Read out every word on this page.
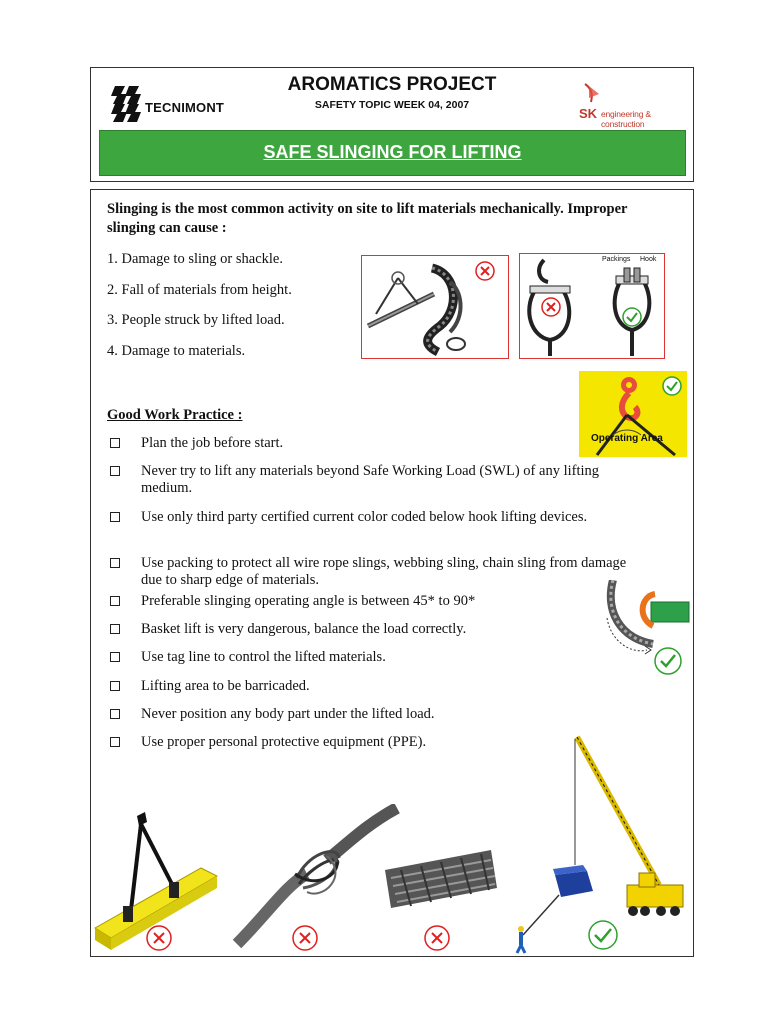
TECNIMONT
AROMATICS PROJECT
SAFETY TOPIC WEEK 04, 2007
SK engineering & construction
SAFE SLINGING FOR LIFTING
Slinging is the most common activity on site to lift materials mechanically. Improper slinging can cause :
1. Damage to sling or shackle.
2. Fall of materials from height.
3. People struck by lifted load.
4. Damage to materials.
Good Work Practice :
Plan the job before start.
Never try to lift any materials beyond Safe Working Load (SWL) of any lifting medium.
Use only third party certified current color coded below hook lifting devices.
Use packing to protect all wire rope slings, webbing sling, chain sling from damage due to sharp edge of materials.
Preferable slinging operating angle is between 45* to 90*
Basket lift is very dangerous, balance the load correctly.
Use tag line to control the lifted materials.
Lifting area to be barricaded.
Never position any body part under the lifted load.
Use proper personal protective equipment (PPE).
Packings Hook
Operating Area
